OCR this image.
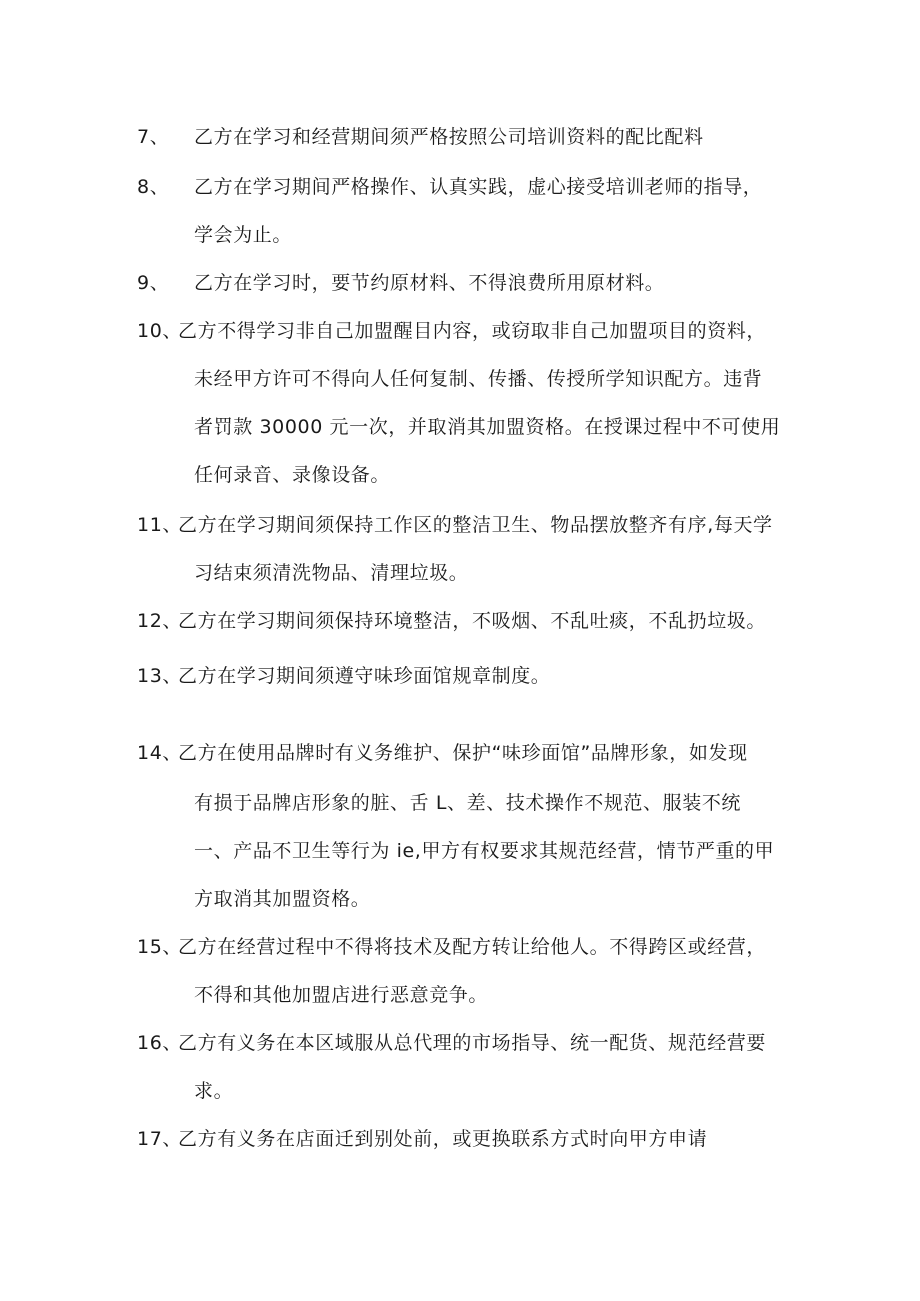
7、 乙方在学习和经营期间须严格按照公司培训资料的配比配料
8、 乙方在学习期间严格操作、认真实践，虚心接受培训老师的指导，
学会为止。
9、 乙方在学习时，要节约原材料、不得浪费所用原材料。
10、
乙方不得学习非自己加盟醒目内容，或窃取非自己加盟项目的资料，
未经甲方许可不得向人任何复制、传播、传授所学知识配方。违背
者罚款 30000 元一次，并取消其加盟资格。在授课过程中不可使用
任何录音、录像设备。
11、
乙方在学习期间须保持工作区的整洁卫生、物品摆放整齐有序,每天学
习结束须清洗物品、清理垃圾。
12、
乙方在学习期间须保持环境整洁，不吸烟、不乱吐痰，不乱扔垃圾。
13、
乙方在学习期间须遵守味珍面馆规章制度。
14、
乙方在使用品牌时有义务维护、保护“味珍面馆”品牌形象，如发现
有损于品牌店形象的脏、舌 L、差、技术操作不规范、服装不统
一、产品不卫生等行为 ie,甲方有权要求其规范经营，情节严重的甲
方取消其加盟资格。
15、
乙方在经营过程中不得将技术及配方转让给他人。不得跨区或经营，
不得和其他加盟店进行恶意竞争。
16、
乙方有义务在本区域服从总代理的市场指导、统一配货、规范经营要
求。
17、
乙方有义务在店面迁到别处前，或更换联系方式时向甲方申请
